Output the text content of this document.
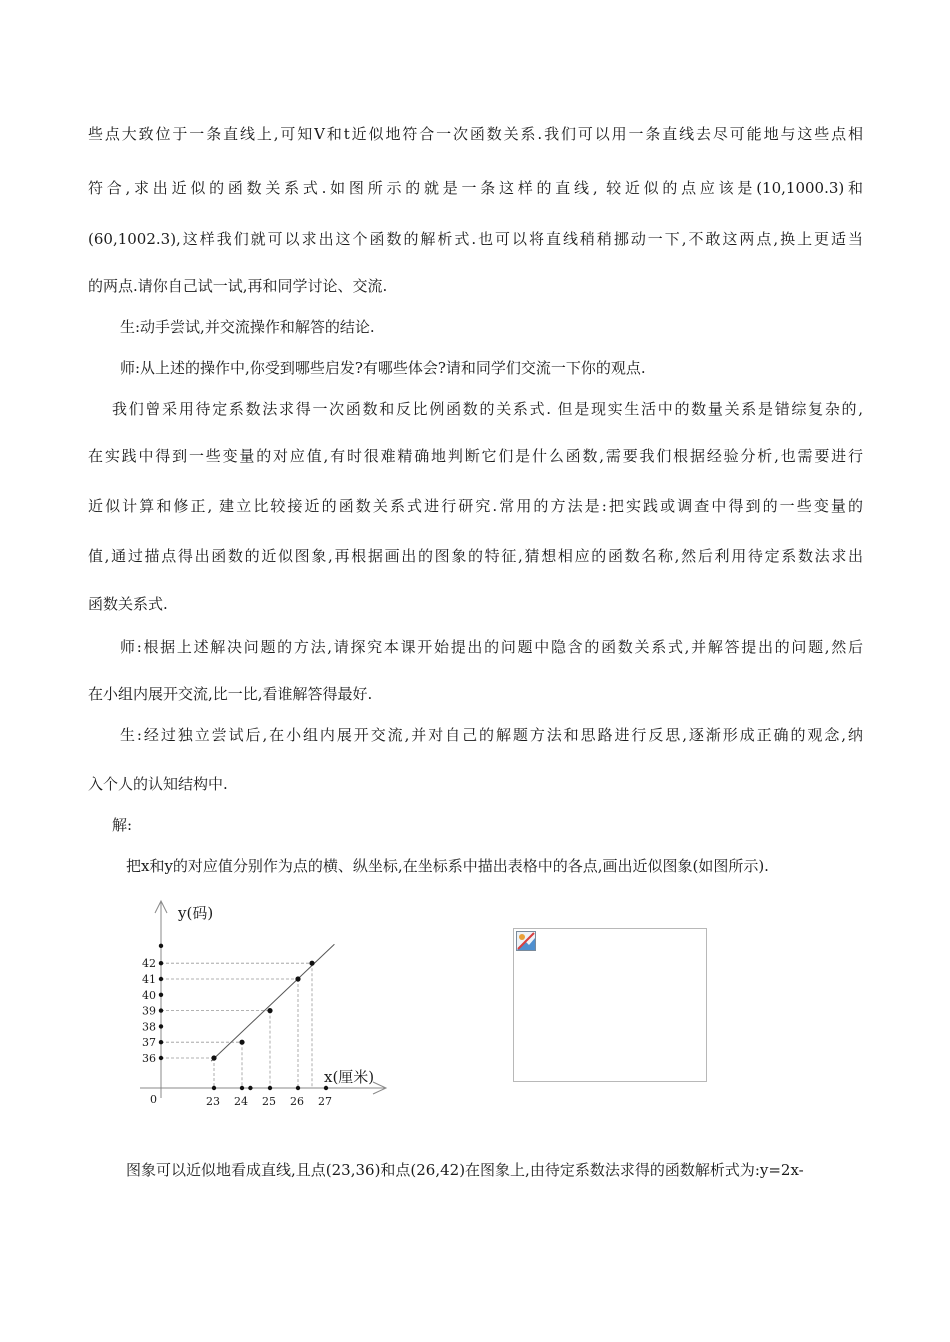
些点大致位于一条直线上,可知V和t近似地符合一次函数关系.我们可以用一条直线去尽可能地与这些点相
符合,求出近似的函数关系式.如图所示的就是一条这样的直线, 较近似的点应该是(10,1000.3)和
(60,1002.3),这样我们就可以求出这个函数的解析式.也可以将直线稍稍挪动一下,不敢这两点,换上更适当
的两点.请你自己试一试,再和同学讨论、交流.
生:动手尝试,并交流操作和解答的结论.
师:从上述的操作中,你受到哪些启发?有哪些体会?请和同学们交流一下你的观点.
我们曾采用待定系数法求得一次函数和反比例函数的关系式. 但是现实生活中的数量关系是错综复杂的,
在实践中得到一些变量的对应值,有时很难精确地判断它们是什么函数,需要我们根据经验分析,也需要进行
近似计算和修正, 建立比较接近的函数关系式进行研究.常用的方法是:把实践或调查中得到的一些变量的
值,通过描点得出函数的近似图象,再根据画出的图象的特征,猜想相应的函数名称,然后利用待定系数法求出
函数关系式.
师:根据上述解决问题的方法,请探究本课开始提出的问题中隐含的函数关系式,并解答提出的问题,然后
在小组内展开交流,比一比,看谁解答得最好.
生:经过独立尝试后,在小组内展开交流,并对自己的解题方法和思路进行反思,逐渐形成正确的观念,纳
入个人的认知结构中.
解:
把x和y的对应值分别作为点的横、纵坐标,在坐标系中描出表格中的各点,画出近似图象(如图所示).
图象可以近似地看成直线,且点(23,36)和点(26,42)在图象上,由待定系数法求得的函数解析式为:y=2x-
36
37
38
39
40
41
42
23 24 25 26 27
y(码)
x(厘米)
0
